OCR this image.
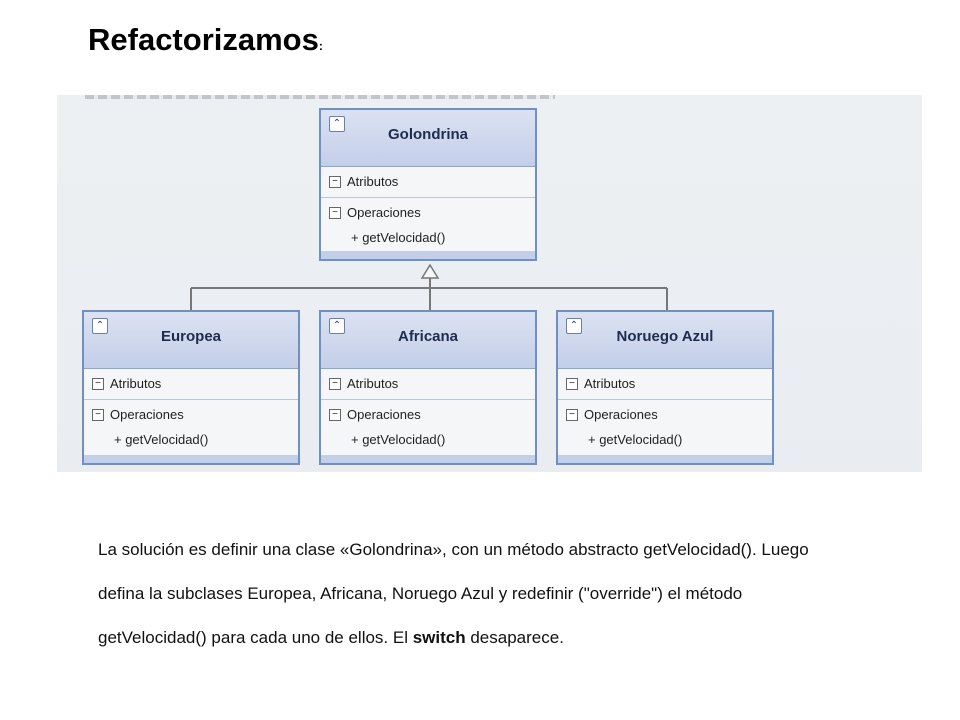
Refactorizamos:
⌃
Golondrina
− Atributos
− Operaciones
+ getVelocidad()
⌃
Europea
− Atributos
− Operaciones
+ getVelocidad()
⌃
Africana
− Atributos
− Operaciones
+ getVelocidad()
⌃
Noruego Azul
− Atributos
− Operaciones
+ getVelocidad()
La solución es definir una clase «Golondrina», con un método abstracto getVelocidad(). Luego defina la subclases Europea, Africana, Noruego Azul y redefinir ("override") el método getVelocidad() para cada uno de ellos. El switch desaparece.
